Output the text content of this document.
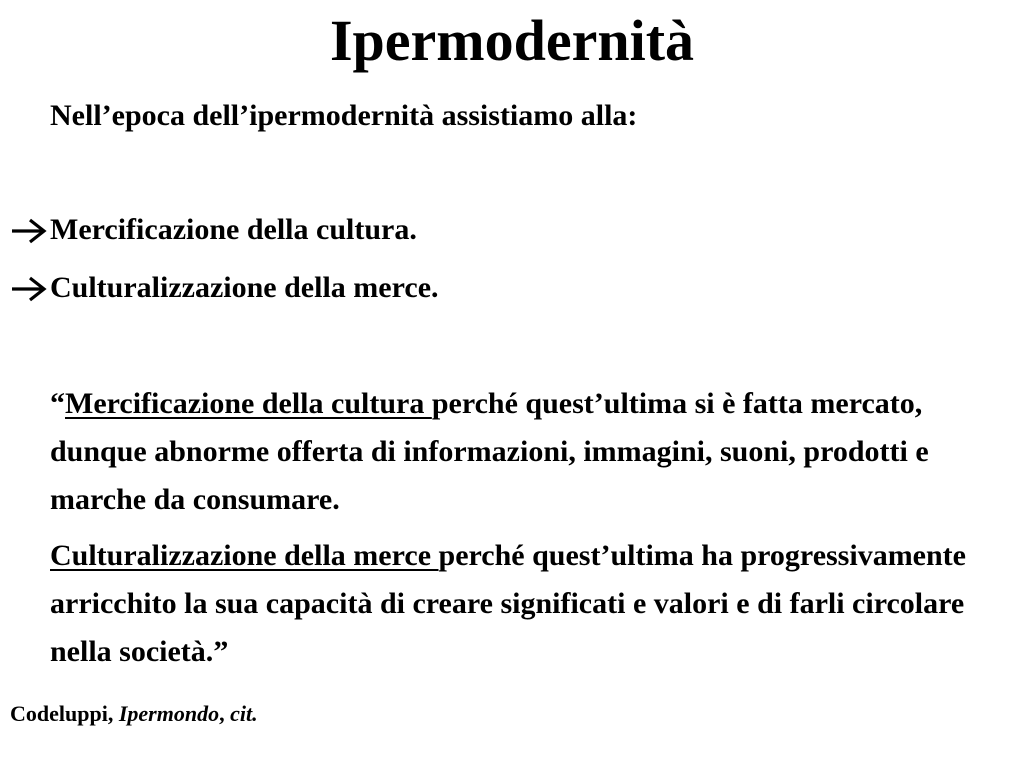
Ipermodernità

Nell’epoca dell’ipermodernità assistiamo alla:

Mercificazione della cultura.

Culturalizzazione della merce.

“Mercificazione della cultura perché quest’ultima si è fatta mercato, dunque abnorme offerta di informazioni, immagini, suoni, prodotti e marche da consumare.

Culturalizzazione della merce perché quest’ultima ha progressivamente arricchito la sua capacità di creare significati e valori e di farli circolare nella società.”

Codeluppi, Ipermondo, cit.
